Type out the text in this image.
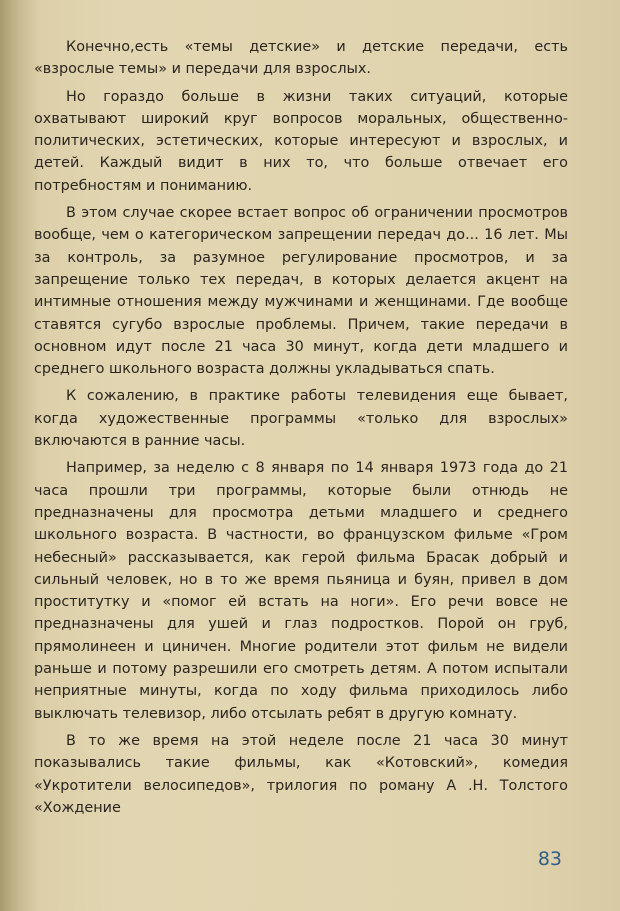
Конечно,есть «темы детские» и детские передачи, есть «взрослые темы» и передачи для взрослых.

Но гораздо больше в жизни таких ситуаций, которые охватывают широкий круг вопросов моральных, общественно-политических, эстетических, которые интересуют и взрослых, и детей. Каждый видит в них то, что больше отвечает его потребностям и пониманию.

В этом случае скорее встает вопрос об ограничении просмотров вообще, чем о категорическом запрещении передач до... 16 лет. Мы за контроль, за разумное регулирование просмотров, и за запрещение только тех передач, в которых делается акцент на интимные отношения между мужчинами и женщинами. Где вообще ставятся сугубо взрослые проблемы. Причем, такие передачи в основном идут после 21 часа 30 минут, когда дети младшего и среднего школьного возраста должны укладываться спать.

К сожалению, в практике работы телевидения еще бывает, когда художественные программы «только для взрослых» включаются в ранние часы.

Например, за неделю с 8 января по 14 января 1973 года до 21 часа прошли три программы, которые были отнюдь не предназначены для просмотра детьми младшего и среднего школьного возраста. В частности, во французском фильме «Гром небесный» рассказывается, как герой фильма Брасак добрый и сильный человек, но в то же время пьяница и буян, привел в дом проститутку и «помог ей встать на ноги». Его речи вовсе не предназначены для ушей и глаз подростков. Порой он груб, прямолинеен и циничен. Многие родители этот фильм не видели раньше и потому разрешили его смотреть детям. А потом испытали неприятные минуты, когда по ходу фильма приходилось либо выключать телевизор, либо отсылать ребят в другую комнату.

В то же время на этой неделе после 21 часа 30 минут показывались такие фильмы, как «Котовский», комедия «Укротители велосипедов», трилогия по роману А .Н. Толстого «Хождение

83
